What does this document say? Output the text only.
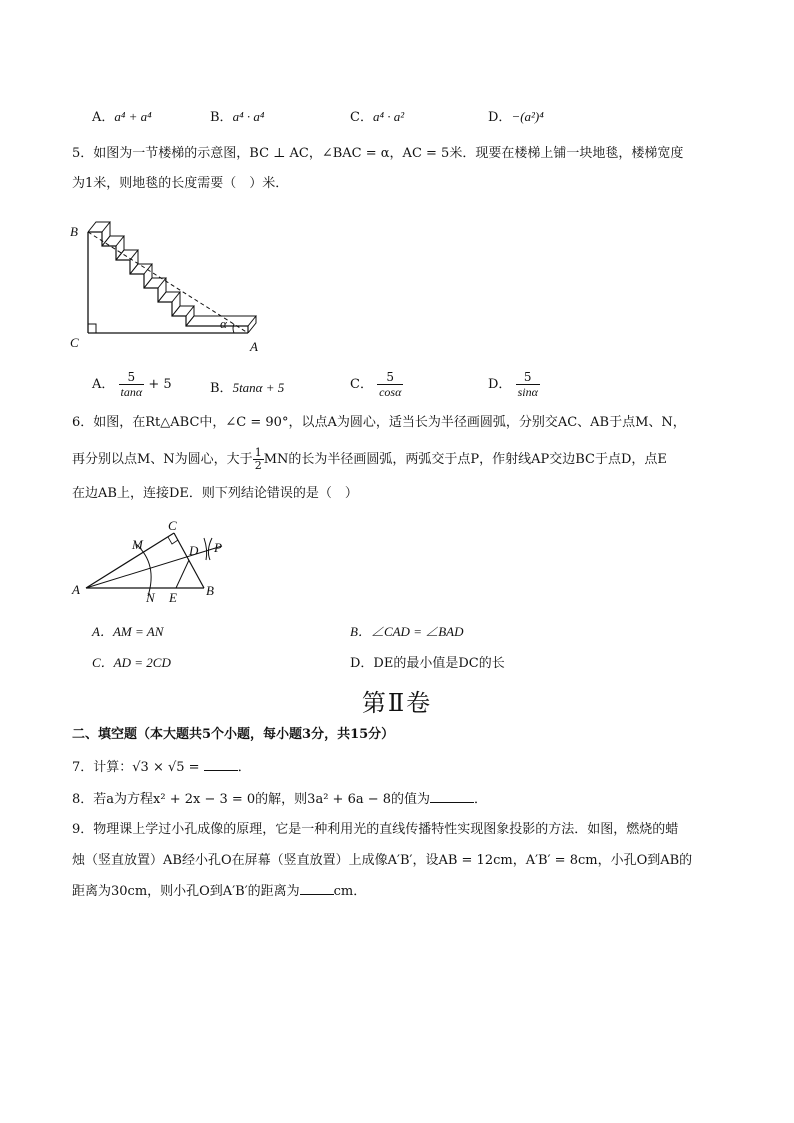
A．a⁴ + a⁴	B．a⁴ · a⁴	C．a⁴ · a²	D．−(a²)⁴
5．如图为一节楼梯的示意图，BC ⊥ AC，∠BAC = α，AC = 5米．现要在楼梯上铺一块地毯，楼梯宽度
为1米，则地毯的长度需要（　）米．
B
C	A
α
A． $\frac{5}{\tan\alpha} + 5$	B．5tanα + 5	C． $\frac{5}{\cos\alpha}$	D． $\frac{5}{\sin\alpha}$
6．如图，在Rt△ABC中，∠C = 90°，以点A为圆心，适当长为半径画圆弧，分别交AC、AB于点M、N，
再分别以点M、N为圆心，大于 $\frac{1}{2}$ MN的长为半径画圆弧，两弧交于点P，作射线AP交边BC于点D，点E
在边AB上，连接DE．则下列结论错误的是（　）
C
M	D P
A
N E B
A．AM = AN	B．∠CAD = ∠BAD
C．AD = 2CD	D．DE的最小值是DC的长
第Ⅱ卷
二、填空题（本大题共5个小题，每小题3分，共15分）
7．计算：√3 × √5 =	．
8．若a为方程x² + 2x − 3 = 0的解，则3a² + 6a − 8的值为	．
9．物理课上学过小孔成像的原理，它是一种利用光的直线传播特性实现图象投影的方法．如图，燃烧的蜡
烛（竖直放置）AB经小孔O在屏幕（竖直放置）上成像A′B′，设AB = 12cm，A′B′ = 8cm，小孔O到AB的
距离为30cm，则小孔O到A′B′的距离为	cm．
